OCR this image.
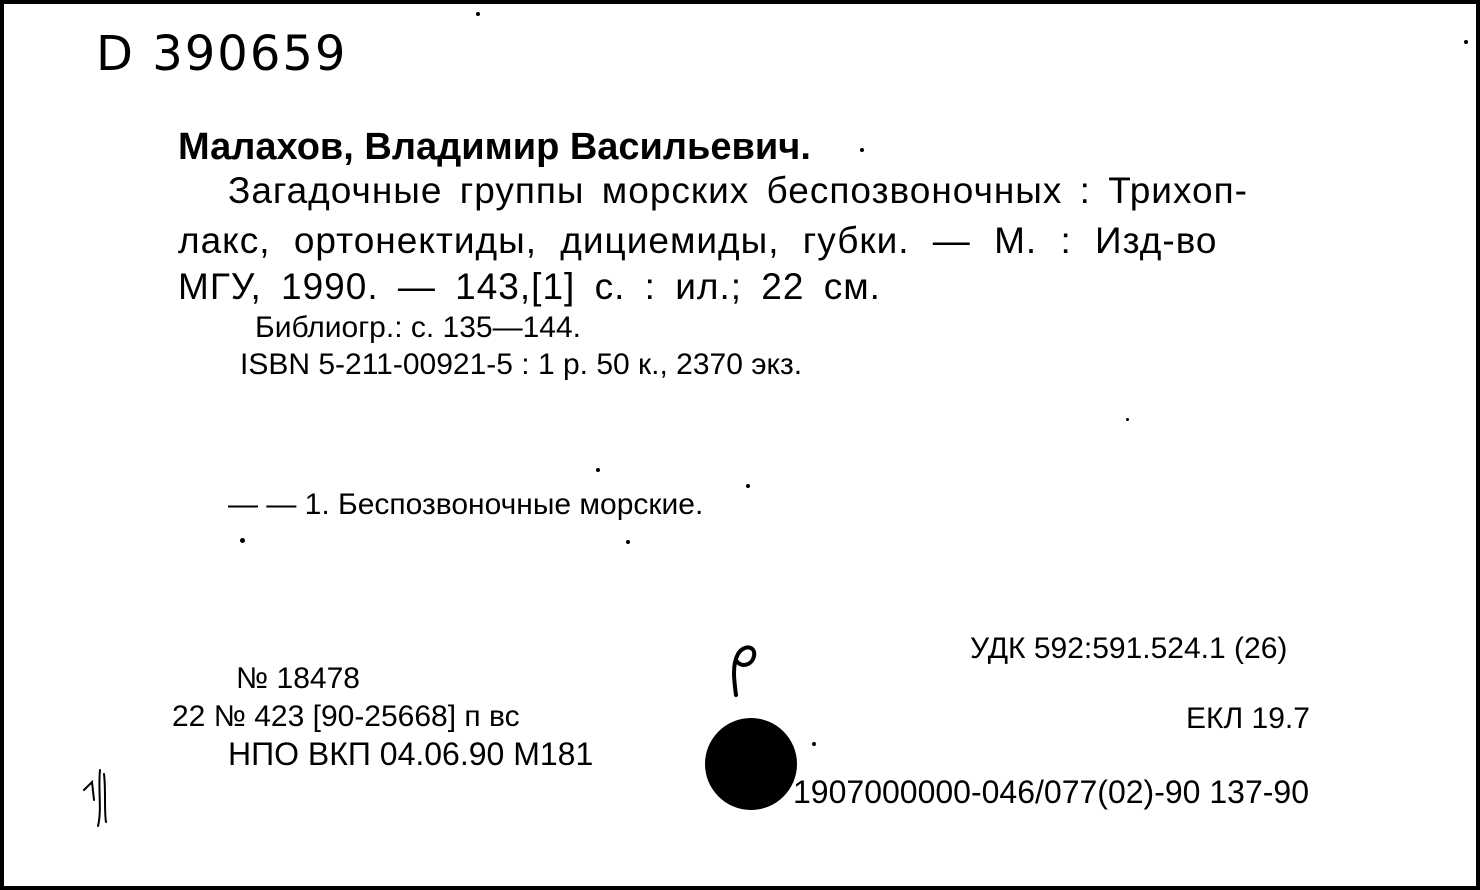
D 390659
Малахов, Владимир Васильевич.
Загадочные группы морских беспозвоночных : Трихоп-
лакс, ортонектиды, дициемиды, губки. — М. : Изд-во
МГУ, 1990. — 143,[1] с. : ил.; 22 см.
Библиогр.: с. 135—144.
ISBN 5-211-00921-5 : 1 р. 50 к., 2370 экз.
— — 1. Беспозвоночные морские.
№ 18478
22 № 423 [90-25668] п вс
НПО ВКП 04.06.90 М181
УДК 592:591.524.1 (26)
ЕКЛ 19.7
1907000000-046/077(02)-90 137-90
